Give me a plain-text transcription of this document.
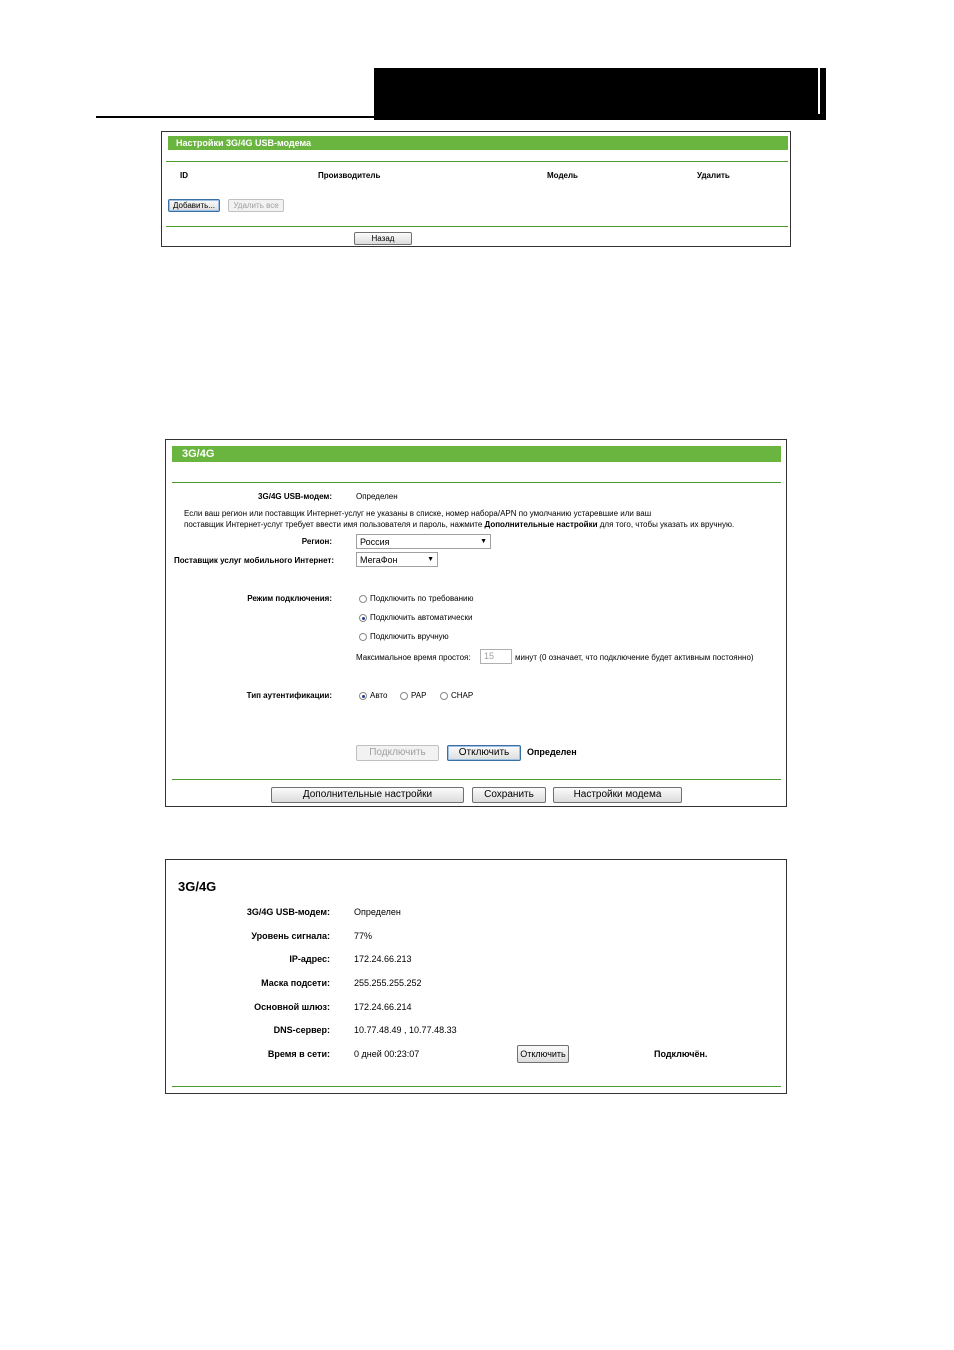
Настройки 3G/4G USB-модема
ID	Производитель	Модель	Удалить
Добавить...	Удалить все
Назад
3G/4G
3G/4G USB-модем:	Определен
Если ваш регион или поставщик Интернет-услуг не указаны в списке, номер набора/APN по умолчанию устаревшие или ваш
поставщик Интернет-услуг требует ввести имя пользователя и пароль, нажмите Дополнительные настройки для того, чтобы указать их вручную.
Регион:	Россия	▼
Поставщик услуг мобильного Интернет:	МегаФон	▼
Режим подключения:	Подключить по требованию
Подключить автоматически
Подключить вручную
Максимальное время простоя:	15	минут (0 означает, что подключение будет активным постоянно)
Тип аутентификации:	Авто	PAP	CHAP
Подключить	Отключить	Определен
Дополнительные настройки	Сохранить	Настройки модема
3G/4G
3G/4G USB-модем:	Определен
Уровень сигнала:	77%
IP-адрес:	172.24.66.213
Маска подсети:	255.255.255.252
Основной шлюз:	172.24.66.214
DNS-сервер:	10.77.48.49 , 10.77.48.33
Время в сети:	0 дней 00:23:07	Отключить	Подключён.
